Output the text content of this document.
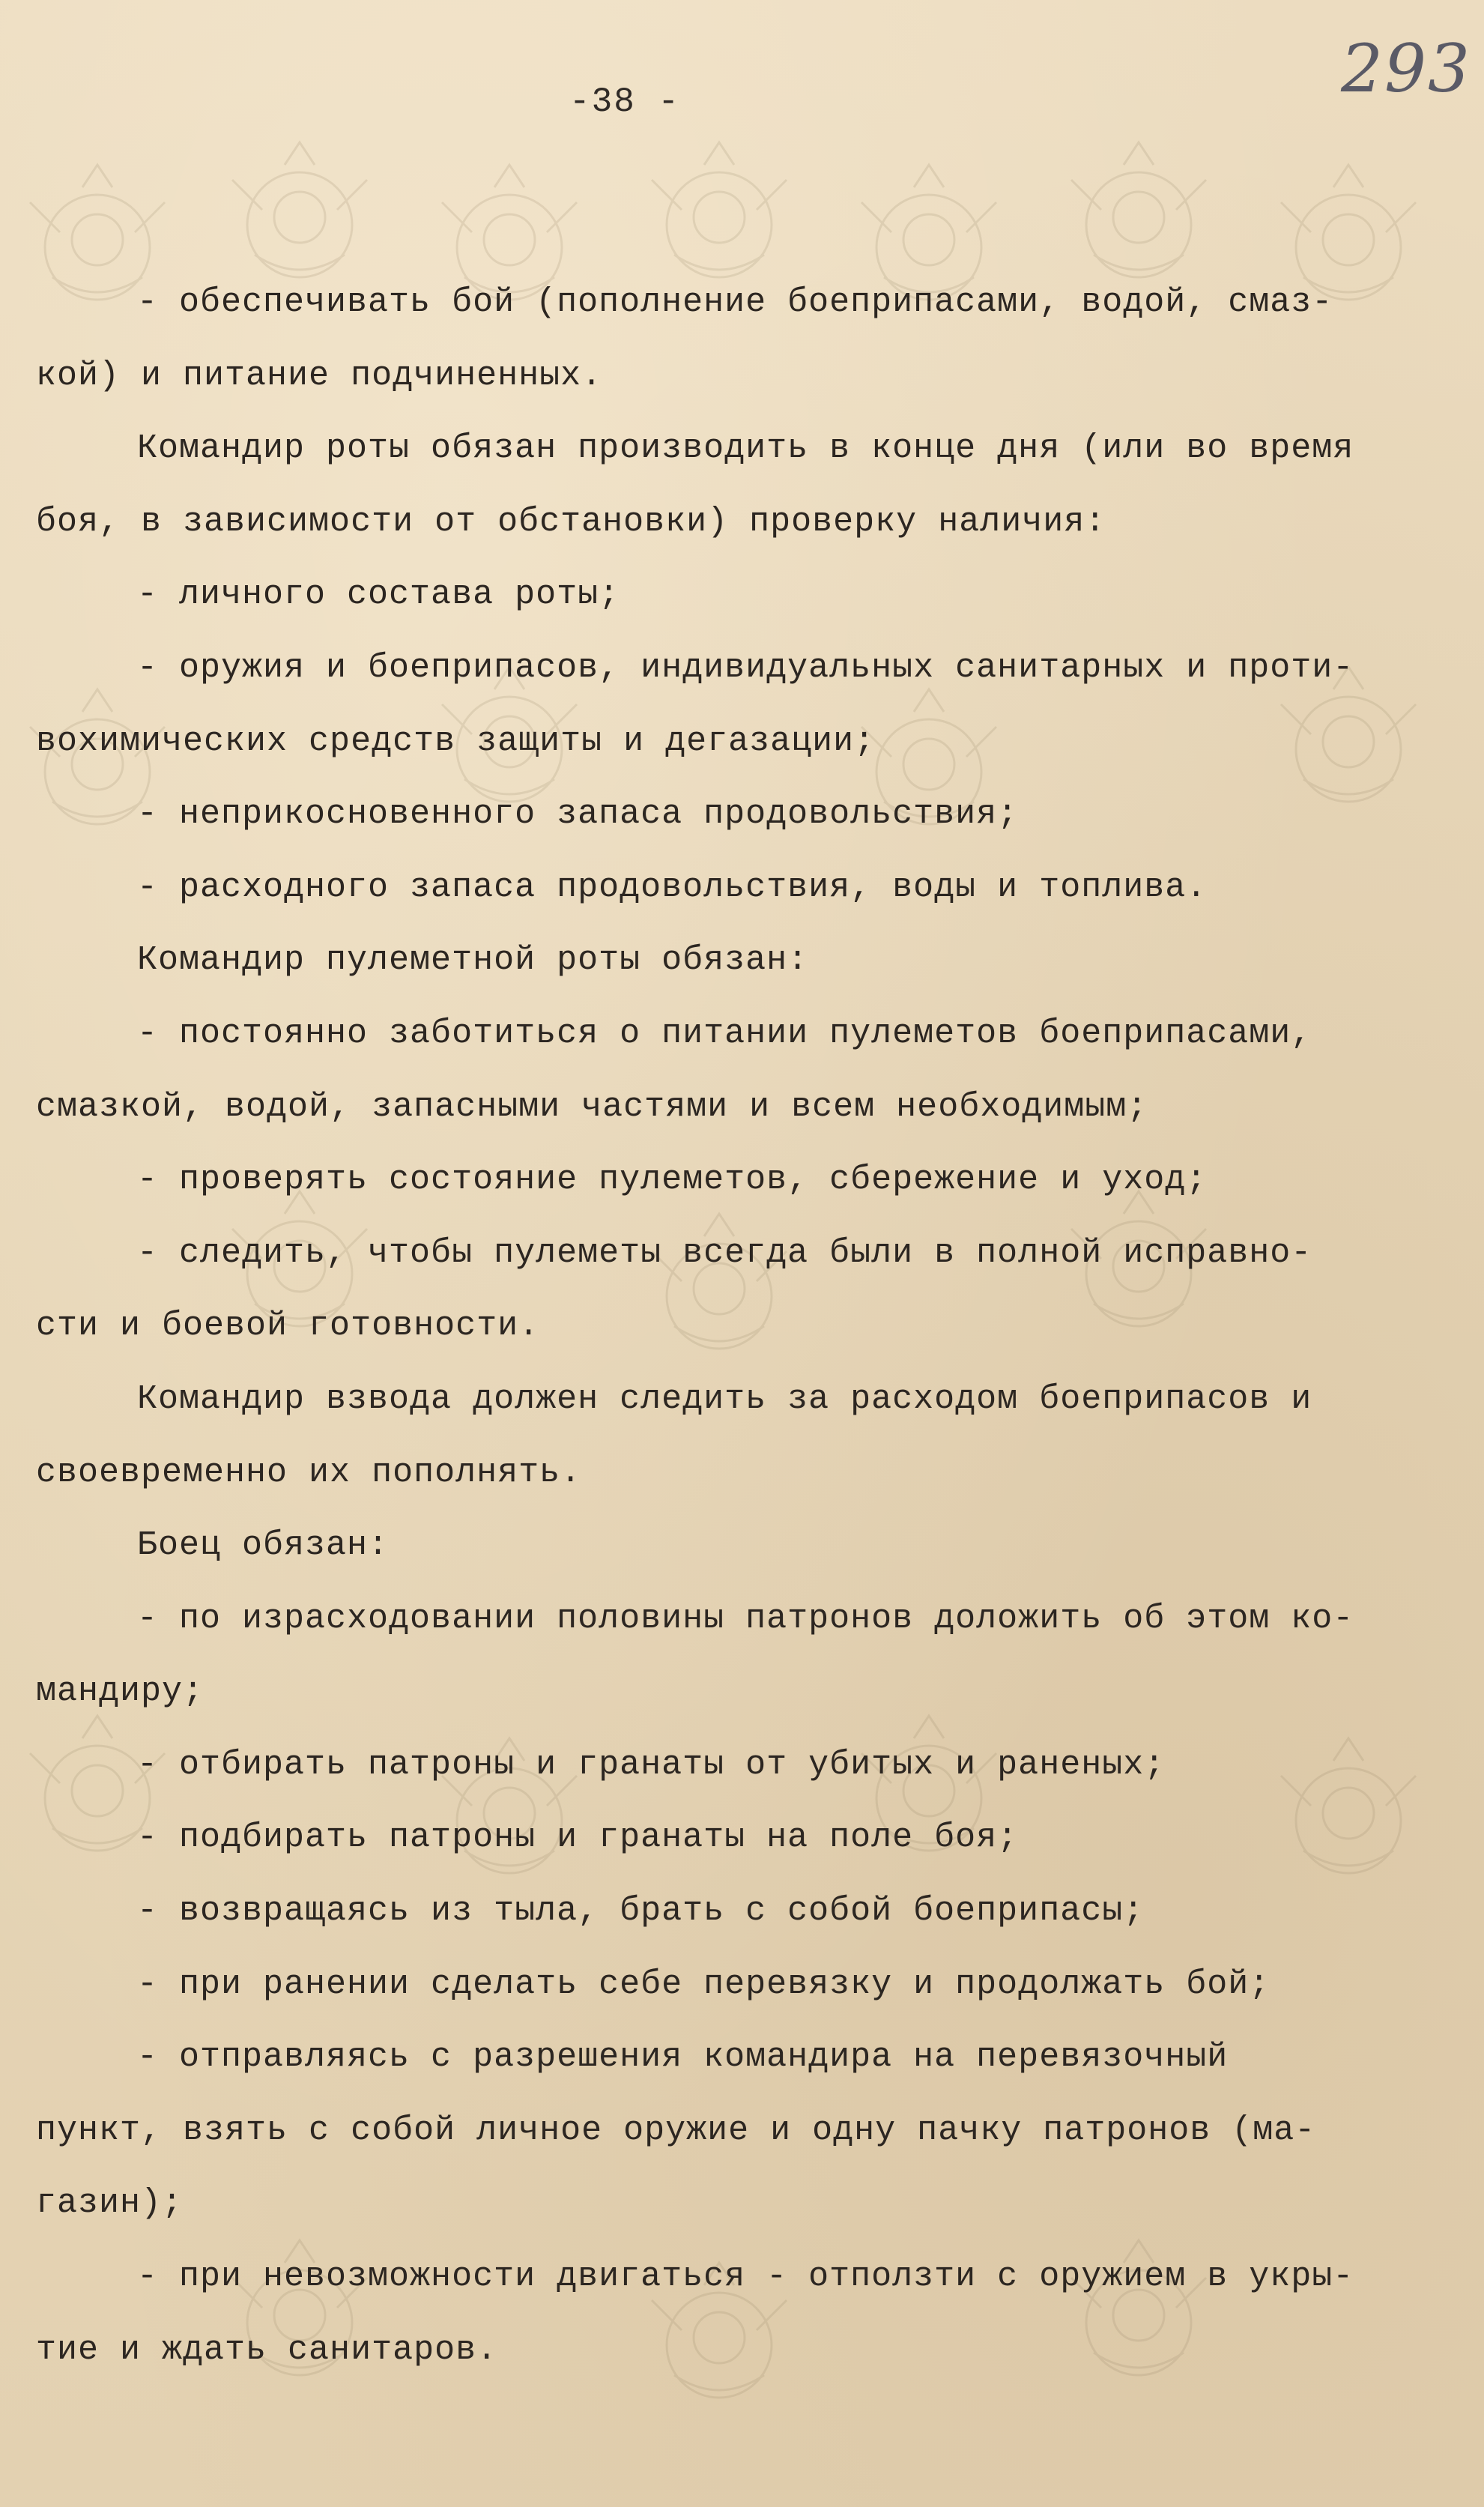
-38 -	293
- обеспечивать бой (пополнение боеприпасами, водой, смаз-
кой) и питание подчиненных.
Командир роты обязан производить в конце дня (или во время
боя, в зависимости от обстановки) проверку наличия:
- личного состава роты;
- оружия и боеприпасов, индивидуальных санитарных и проти-
вохимических средств защиты и дегазации;
- неприкосновенного запаса продовольствия;
- расходного запаса продовольствия, воды и топлива.
Командир пулеметной роты обязан:
- постоянно заботиться о питании пулеметов боеприпасами,
смазкой, водой, запасными частями и всем необходимым;
- проверять состояние пулеметов, сбережение и уход;
- следить, чтобы пулеметы всегда были в полной исправно-
сти и боевой готовности.
Командир взвода должен следить за расходом боеприпасов и
своевременно их пополнять.
Боец обязан:
- по израсходовании половины патронов доложить об этом ко-
мандиру;
- отбирать патроны и гранаты от убитых и раненых;
- подбирать патроны и гранаты на поле боя;
- возвращаясь из тыла, брать с собой боеприпасы;
- при ранении сделать себе перевязку и продолжать бой;
- отправляясь с разрешения командира на перевязочный
пункт, взять с собой личное оружие и одну пачку патронов (ма-
газин);
- при невозможности двигаться - отползти с оружием в укры-
тие и ждать санитаров.
